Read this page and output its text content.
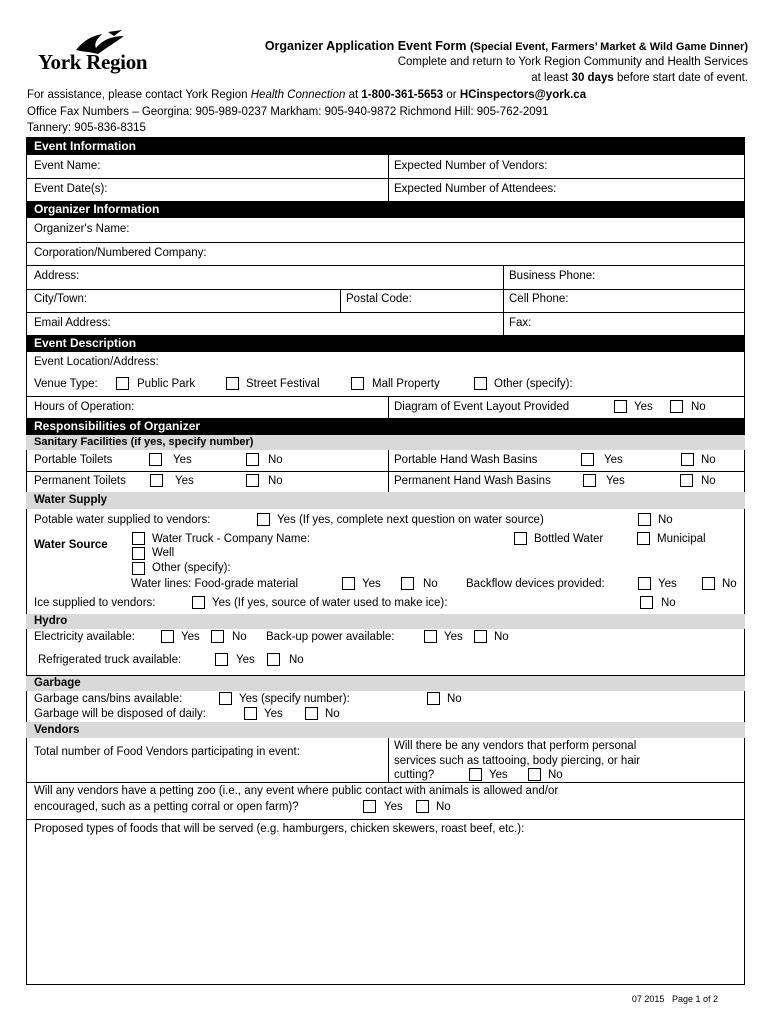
York Region
Organizer Application Event Form (Special Event, Farmers’ Market & Wild Game Dinner)
Complete and return to York Region Community and Health Services
at least 30 days before start date of event.
For assistance, please contact York Region Health Connection at 1-800-361-5653 or HCinspectors@york.ca
Office Fax Numbers – Georgina: 905-989-0237 Markham: 905-940-9872 Richmond Hill: 905-762-2091
Tannery: 905-836-8315
Event Information
Event Name:	Expected Number of Vendors:
Event Date(s):	Expected Number of Attendees:
Organizer Information
Organizer's Name:
Corporation/Numbered Company:
Address:	Business Phone:
City/Town:	Postal Code:	Cell Phone:
Email Address:	Fax:
Event Description
Event Location/Address:
Venue Type:	Public Park	Street Festival	Mall Property	Other (specify):
Hours of Operation:	Diagram of Event Layout Provided	Yes	No
Responsibilities of Organizer
Sanitary Facilities (if yes, specify number)
Portable Toilets	Yes	No	Portable Hand Wash Basins	Yes	No
Permanent Toilets	Yes	No	Permanent Hand Wash Basins	Yes	No
Water Supply
Potable water supplied to vendors:	Yes (If yes, complete next question on water source)	No
Water Source	Water Truck - Company Name:	Bottled Water	Municipal
Well
Other (specify):
Water lines: Food-grade material	Yes	No Backflow devices provided:	Yes	No
Ice supplied to vendors:	Yes (If yes, source of water used to make ice):	No
Hydro
Electricity available:	Yes	No Back-up power available:	Yes	No
Refrigerated truck available:	Yes	No
Garbage
Garbage cans/bins available:	Yes (specify number):	No
Garbage will be disposed of daily:	Yes	No
Vendors
Total number of Food Vendors participating in event:	Will there be any vendors that perform personal
services such as tattooing, body piercing, or hair
cutting?	Yes	No
Will any vendors have a petting zoo (i.e., any event where public contact with animals is allowed and/or
encouraged, such as a petting corral or open farm)?	Yes	No
Proposed types of foods that will be served (e.g. hamburgers, chicken skewers, roast beef, etc.):
07 2015 Page 1 of 2
